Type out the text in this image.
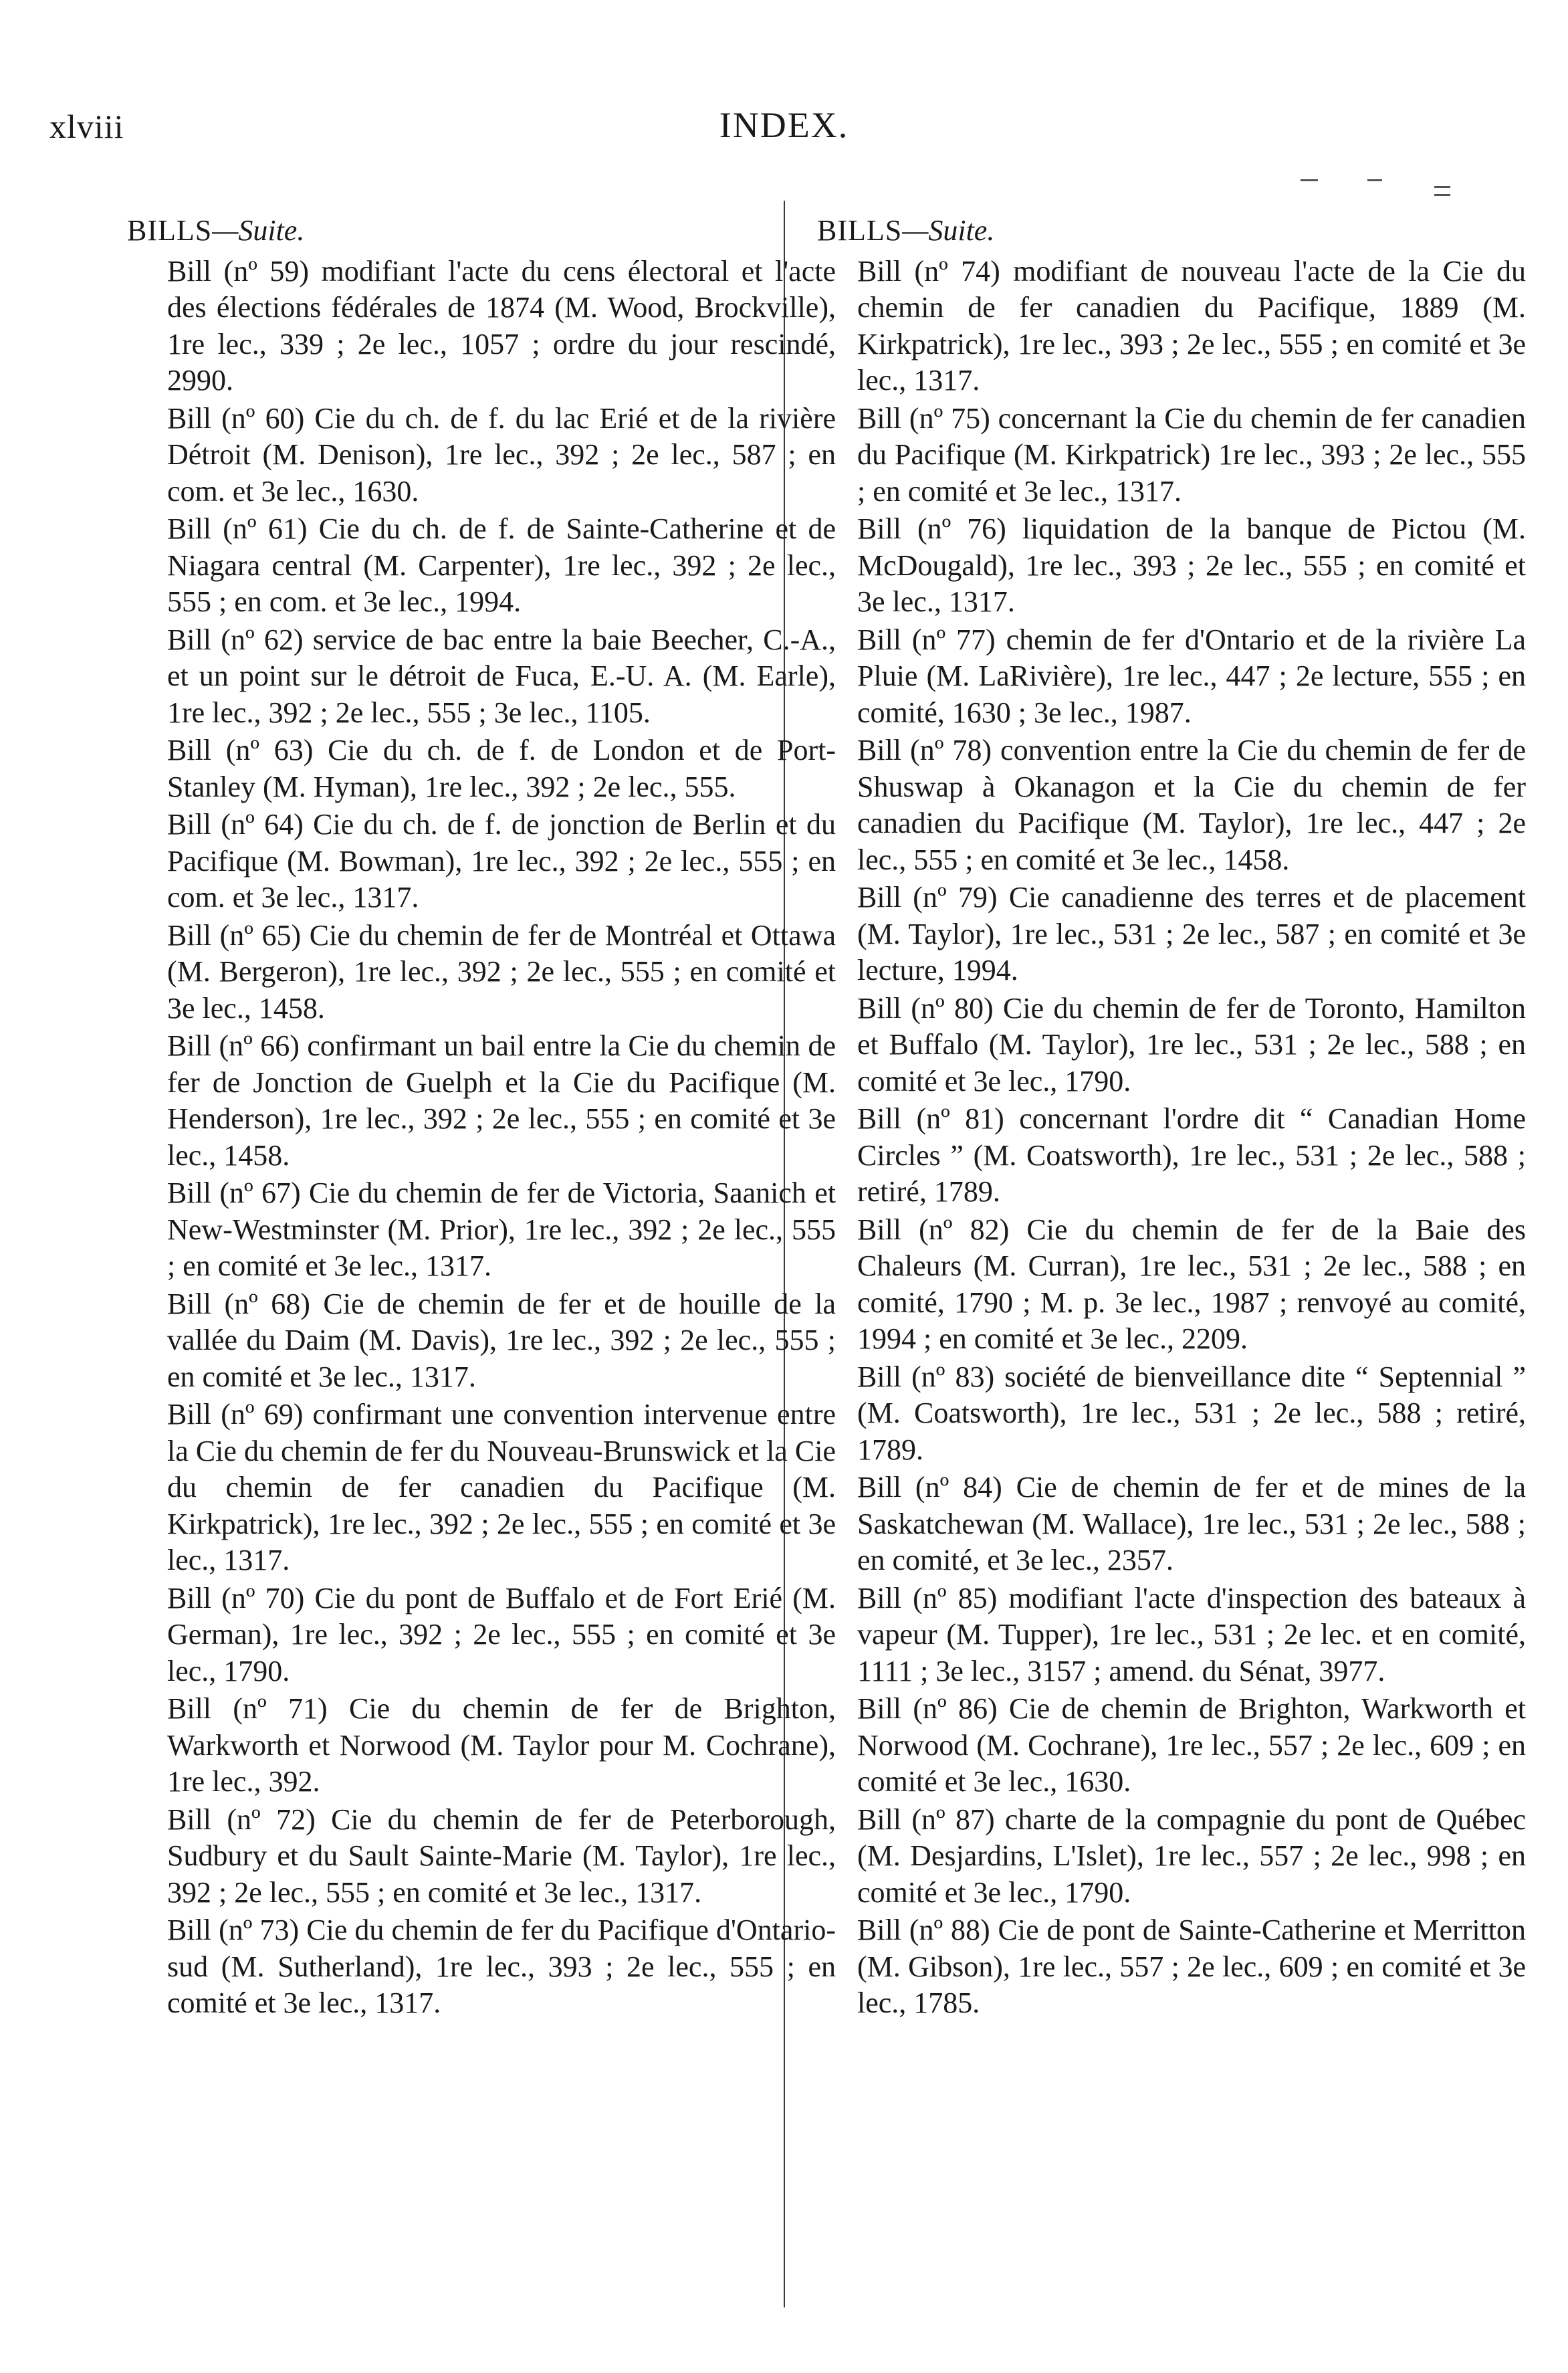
xlviii	INDEX.
BILLS—Suite.

Bill (nº 59) modifiant l'acte du cens électoral et l'acte des élections fédérales de 1874 (M. Wood, Brockville), 1re lec., 339 ; 2e lec., 1057 ; ordre du jour rescindé, 2990.

Bill (nº 60) Cie du ch. de f. du lac Erié et de la rivière Détroit (M. Denison), 1re lec., 392 ; 2e lec., 587 ; en com. et 3e lec., 1630.

Bill (nº 61) Cie du ch. de f. de Sainte-Catherine et de Niagara central (M. Carpenter), 1re lec., 392 ; 2e lec., 555 ; en com. et 3e lec., 1994.

Bill (nº 62) service de bac entre la baie Beecher, C.-A., et un point sur le détroit de Fuca, E.-U. A. (M. Earle), 1re lec., 392 ; 2e lec., 555 ; 3e lec., 1105.

Bill (nº 63) Cie du ch. de f. de London et de Port-Stanley (M. Hyman), 1re lec., 392 ; 2e lec., 555.

Bill (nº 64) Cie du ch. de f. de jonction de Berlin et du Pacifique (M. Bowman), 1re lec., 392 ; 2e lec., 555 ; en com. et 3e lec., 1317.

Bill (nº 65) Cie du chemin de fer de Montréal et Ottawa (M. Bergeron), 1re lec., 392 ; 2e lec., 555 ; en comité et 3e lec., 1458.

Bill (nº 66) confirmant un bail entre la Cie du chemin de fer de Jonction de Guelph et la Cie du Pacifique (M. Henderson), 1re lec., 392 ; 2e lec., 555 ; en comité et 3e lec., 1458.

Bill (nº 67) Cie du chemin de fer de Victoria, Saanich et New-Westminster (M. Prior), 1re lec., 392 ; 2e lec., 555 ; en comité et 3e lec., 1317.

Bill (nº 68) Cie de chemin de fer et de houille de la vallée du Daim (M. Davis), 1re lec., 392 ; 2e lec., 555 ; en comité et 3e lec., 1317.

Bill (nº 69) confirmant une convention intervenue entre la Cie du chemin de fer du Nouveau-Brunswick et la Cie du chemin de fer canadien du Pacifique (M. Kirkpatrick), 1re lec., 392 ; 2e lec., 555 ; en comité et 3e lec., 1317.

Bill (nº 70) Cie du pont de Buffalo et de Fort Erié (M. German), 1re lec., 392 ; 2e lec., 555 ; en comité et 3e lec., 1790.

Bill (nº 71) Cie du chemin de fer de Brighton, Warkworth et Norwood (M. Taylor pour M. Cochrane), 1re lec., 392.

Bill (nº 72) Cie du chemin de fer de Peterborough, Sudbury et du Sault Sainte-Marie (M. Taylor), 1re lec., 392 ; 2e lec., 555 ; en comité et 3e lec., 1317.

Bill (nº 73) Cie du chemin de fer du Pacifique d'Ontario-sud (M. Sutherland), 1re lec., 393 ; 2e lec., 555 ; en comité et 3e lec., 1317.

BILLS—Suite.

Bill (nº 74) modifiant de nouveau l'acte de la Cie du chemin de fer canadien du Pacifique, 1889 (M. Kirkpatrick), 1re lec., 393 ; 2e lec., 555 ; en comité et 3e lec., 1317.

Bill (nº 75) concernant la Cie du chemin de fer canadien du Pacifique (M. Kirkpatrick) 1re lec., 393 ; 2e lec., 555 ; en comité et 3e lec., 1317.

Bill (nº 76) liquidation de la banque de Pictou (M. McDougald), 1re lec., 393 ; 2e lec., 555 ; en comité et 3e lec., 1317.

Bill (nº 77) chemin de fer d'Ontario et de la rivière La Pluie (M. LaRivière), 1re lec., 447 ; 2e lecture, 555 ; en comité, 1630 ; 3e lec., 1987.

Bill (nº 78) convention entre la Cie du chemin de fer de Shuswap à Okanagon et la Cie du chemin de fer canadien du Pacifique (M. Taylor), 1re lec., 447 ; 2e lec., 555 ; en comité et 3e lec., 1458.

Bill (nº 79) Cie canadienne des terres et de placement (M. Taylor), 1re lec., 531 ; 2e lec., 587 ; en comité et 3e lecture, 1994.

Bill (nº 80) Cie du chemin de fer de Toronto, Hamilton et Buffalo (M. Taylor), 1re lec., 531 ; 2e lec., 588 ; en comité et 3e lec., 1790.

Bill (nº 81) concernant l'ordre dit “ Canadian Home Circles ” (M. Coatsworth), 1re lec., 531 ; 2e lec., 588 ; retiré, 1789.

Bill (nº 82) Cie du chemin de fer de la Baie des Chaleurs (M. Curran), 1re lec., 531 ; 2e lec., 588 ; en comité, 1790 ; M. p. 3e lec., 1987 ; renvoyé au comité, 1994 ; en comité et 3e lec., 2209.

Bill (nº 83) société de bienveillance dite “ Septennial ” (M. Coatsworth), 1re lec., 531 ; 2e lec., 588 ; retiré, 1789.

Bill (nº 84) Cie de chemin de fer et de mines de la Saskatchewan (M. Wallace), 1re lec., 531 ; 2e lec., 588 ; en comité, et 3e lec., 2357.

Bill (nº 85) modifiant l'acte d'inspection des bateaux à vapeur (M. Tupper), 1re lec., 531 ; 2e lec. et en comité, 1111 ; 3e lec., 3157 ; amend. du Sénat, 3977.

Bill (nº 86) Cie de chemin de Brighton, Warkworth et Norwood (M. Cochrane), 1re lec., 557 ; 2e lec., 609 ; en comité et 3e lec., 1630.

Bill (nº 87) charte de la compagnie du pont de Québec (M. Desjardins, L'Islet), 1re lec., 557 ; 2e lec., 998 ; en comité et 3e lec., 1790.

Bill (nº 88) Cie de pont de Sainte-Catherine et Merritton (M. Gibson), 1re lec., 557 ; 2e lec., 609 ; en comité et 3e lec., 1785.
